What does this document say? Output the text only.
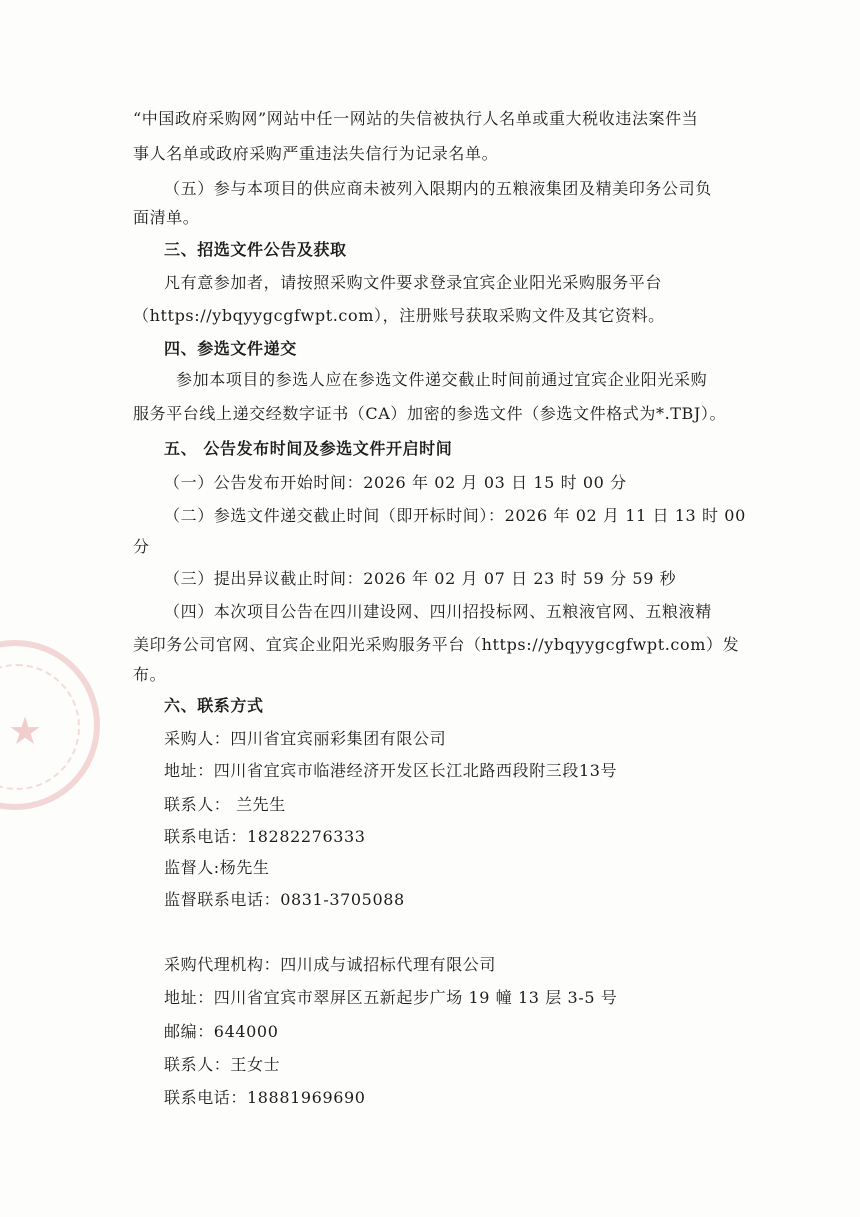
★
“中国政府采购网”网站中任一网站的失信被执行人名单或重大税收违法案件当
事人名单或政府采购严重违法失信行为记录名单。
（五）参与本项目的供应商未被列入限期内的五粮液集团及精美印务公司负
面清单。
三、招选文件公告及获取
凡有意参加者，请按照采购文件要求登录宜宾企业阳光采购服务平台
（https://ybqyygcgfwpt.com），注册账号获取采购文件及其它资料。
四、参选文件递交
参加本项目的参选人应在参选文件递交截止时间前通过宜宾企业阳光采购
服务平台线上递交经数字证书（CA）加密的参选文件（参选文件格式为*.TBJ）。
五、 公告发布时间及参选文件开启时间
（一）公告发布开始时间：2026 年 02 月 03 日 15 时 00 分
（二）参选文件递交截止时间（即开标时间）：2026 年 02 月 11 日 13 时 00
分
（三）提出异议截止时间：2026 年 02 月 07 日 23 时 59 分 59 秒
（四）本次项目公告在四川建设网、四川招投标网、五粮液官网、五粮液精
美印务公司官网、宜宾企业阳光采购服务平台（https://ybqyygcgfwpt.com）发
布。
六、联系方式
采购人：四川省宜宾丽彩集团有限公司
地址：四川省宜宾市临港经济开发区长江北路西段附三段13号
联系人： 兰先生
联系电话：18282276333
监督人:杨先生
监督联系电话：0831-3705088
采购代理机构：四川成与诚招标代理有限公司
地址：四川省宜宾市翠屏区五新起步广场 19 幢 13 层 3-5 号
邮编：644000
联系人：王女士
联系电话：18881969690
